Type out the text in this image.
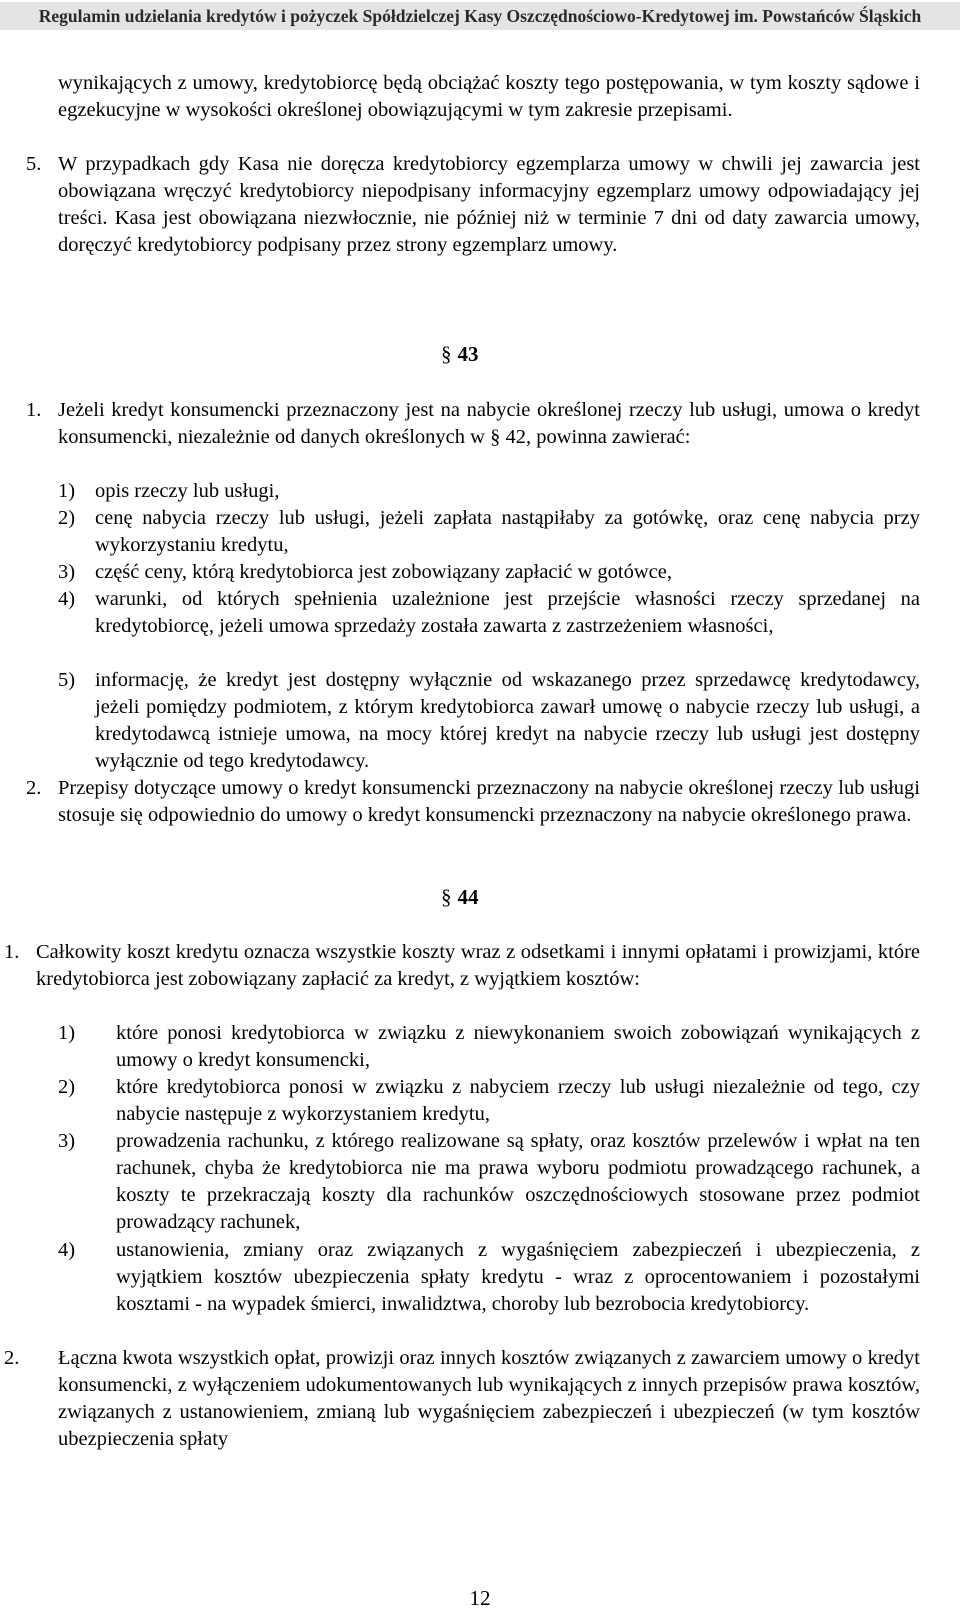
Regulamin udzielania kredytów i pożyczek Spółdzielczej Kasy Oszczędnościowo-Kredytowej im. Powstańców Śląskich
wynikających z umowy, kredytobiorcę będą obciążać koszty tego postępowania, w tym koszty sądowe i egzekucyjne w wysokości określonej obowiązującymi w tym zakresie przepisami.
5. W przypadkach gdy Kasa nie doręcza kredytobiorcy egzemplarza umowy w chwili jej zawarcia jest obowiązana wręczyć kredytobiorcy niepodpisany informacyjny egzemplarz umowy odpowiadający jej treści. Kasa jest obowiązana niezwłocznie, nie później niż w terminie 7 dni od daty zawarcia umowy, doręczyć kredytobiorcy podpisany przez strony egzemplarz umowy.
§ 43
1. Jeżeli kredyt konsumencki przeznaczony jest na nabycie określonej rzeczy lub usługi, umowa o kredyt konsumencki, niezależnie od danych określonych w § 42, powinna zawierać:
1) opis rzeczy lub usługi,
2) cenę nabycia rzeczy lub usługi, jeżeli zapłata nastąpiłaby za gotówkę, oraz cenę nabycia przy wykorzystaniu kredytu,
3) część ceny, którą kredytobiorca jest zobowiązany zapłacić w gotówce,
4) warunki, od których spełnienia uzależnione jest przejście własności rzeczy sprzedanej na kredytobiorcę, jeżeli umowa sprzedaży została zawarta z zastrzeżeniem własności,
5) informację, że kredyt jest dostępny wyłącznie od wskazanego przez sprzedawcę kredytodawcy, jeżeli pomiędzy podmiotem, z którym kredytobiorca zawarł umowę o nabycie rzeczy lub usługi, a kredytodawcą istnieje umowa, na mocy której kredyt na nabycie rzeczy lub usługi jest dostępny wyłącznie od tego kredytodawcy.
2. Przepisy dotyczące umowy o kredyt konsumencki przeznaczony na nabycie określonej rzeczy lub usługi stosuje się odpowiednio do umowy o kredyt konsumencki przeznaczony na nabycie określonego prawa.
§ 44
1. Całkowity koszt kredytu oznacza wszystkie koszty wraz z odsetkami i innymi opłatami i prowizjami, które kredytobiorca jest zobowiązany zapłacić za kredyt, z wyjątkiem kosztów:
1) które ponosi kredytobiorca w związku z niewykonaniem swoich zobowiązań wynikających z umowy o kredyt konsumencki,
2) które kredytobiorca ponosi w związku z nabyciem rzeczy lub usługi niezależnie od tego, czy nabycie następuje z wykorzystaniem kredytu,
3) prowadzenia rachunku, z którego realizowane są spłaty, oraz kosztów przelewów i wpłat na ten rachunek, chyba że kredytobiorca nie ma prawa wyboru podmiotu prowadzącego rachunek, a koszty te przekraczają koszty dla rachunków oszczędnościowych stosowane przez podmiot prowadzący rachunek,
4) ustanowienia, zmiany oraz związanych z wygaśnięciem zabezpieczeń i ubezpieczenia, z wyjątkiem kosztów ubezpieczenia spłaty kredytu - wraz z oprocentowaniem i pozostałymi kosztami - na wypadek śmierci, inwalidztwa, choroby lub bezrobocia kredytobiorcy.
2. Łączna kwota wszystkich opłat, prowizji oraz innych kosztów związanych z zawarciem umowy o kredyt konsumencki, z wyłączeniem udokumentowanych lub wynikających z innych przepisów prawa kosztów, związanych z ustanowieniem, zmianą lub wygaśnięciem zabezpieczeń i ubezpieczeń (w tym kosztów ubezpieczenia spłaty
12
